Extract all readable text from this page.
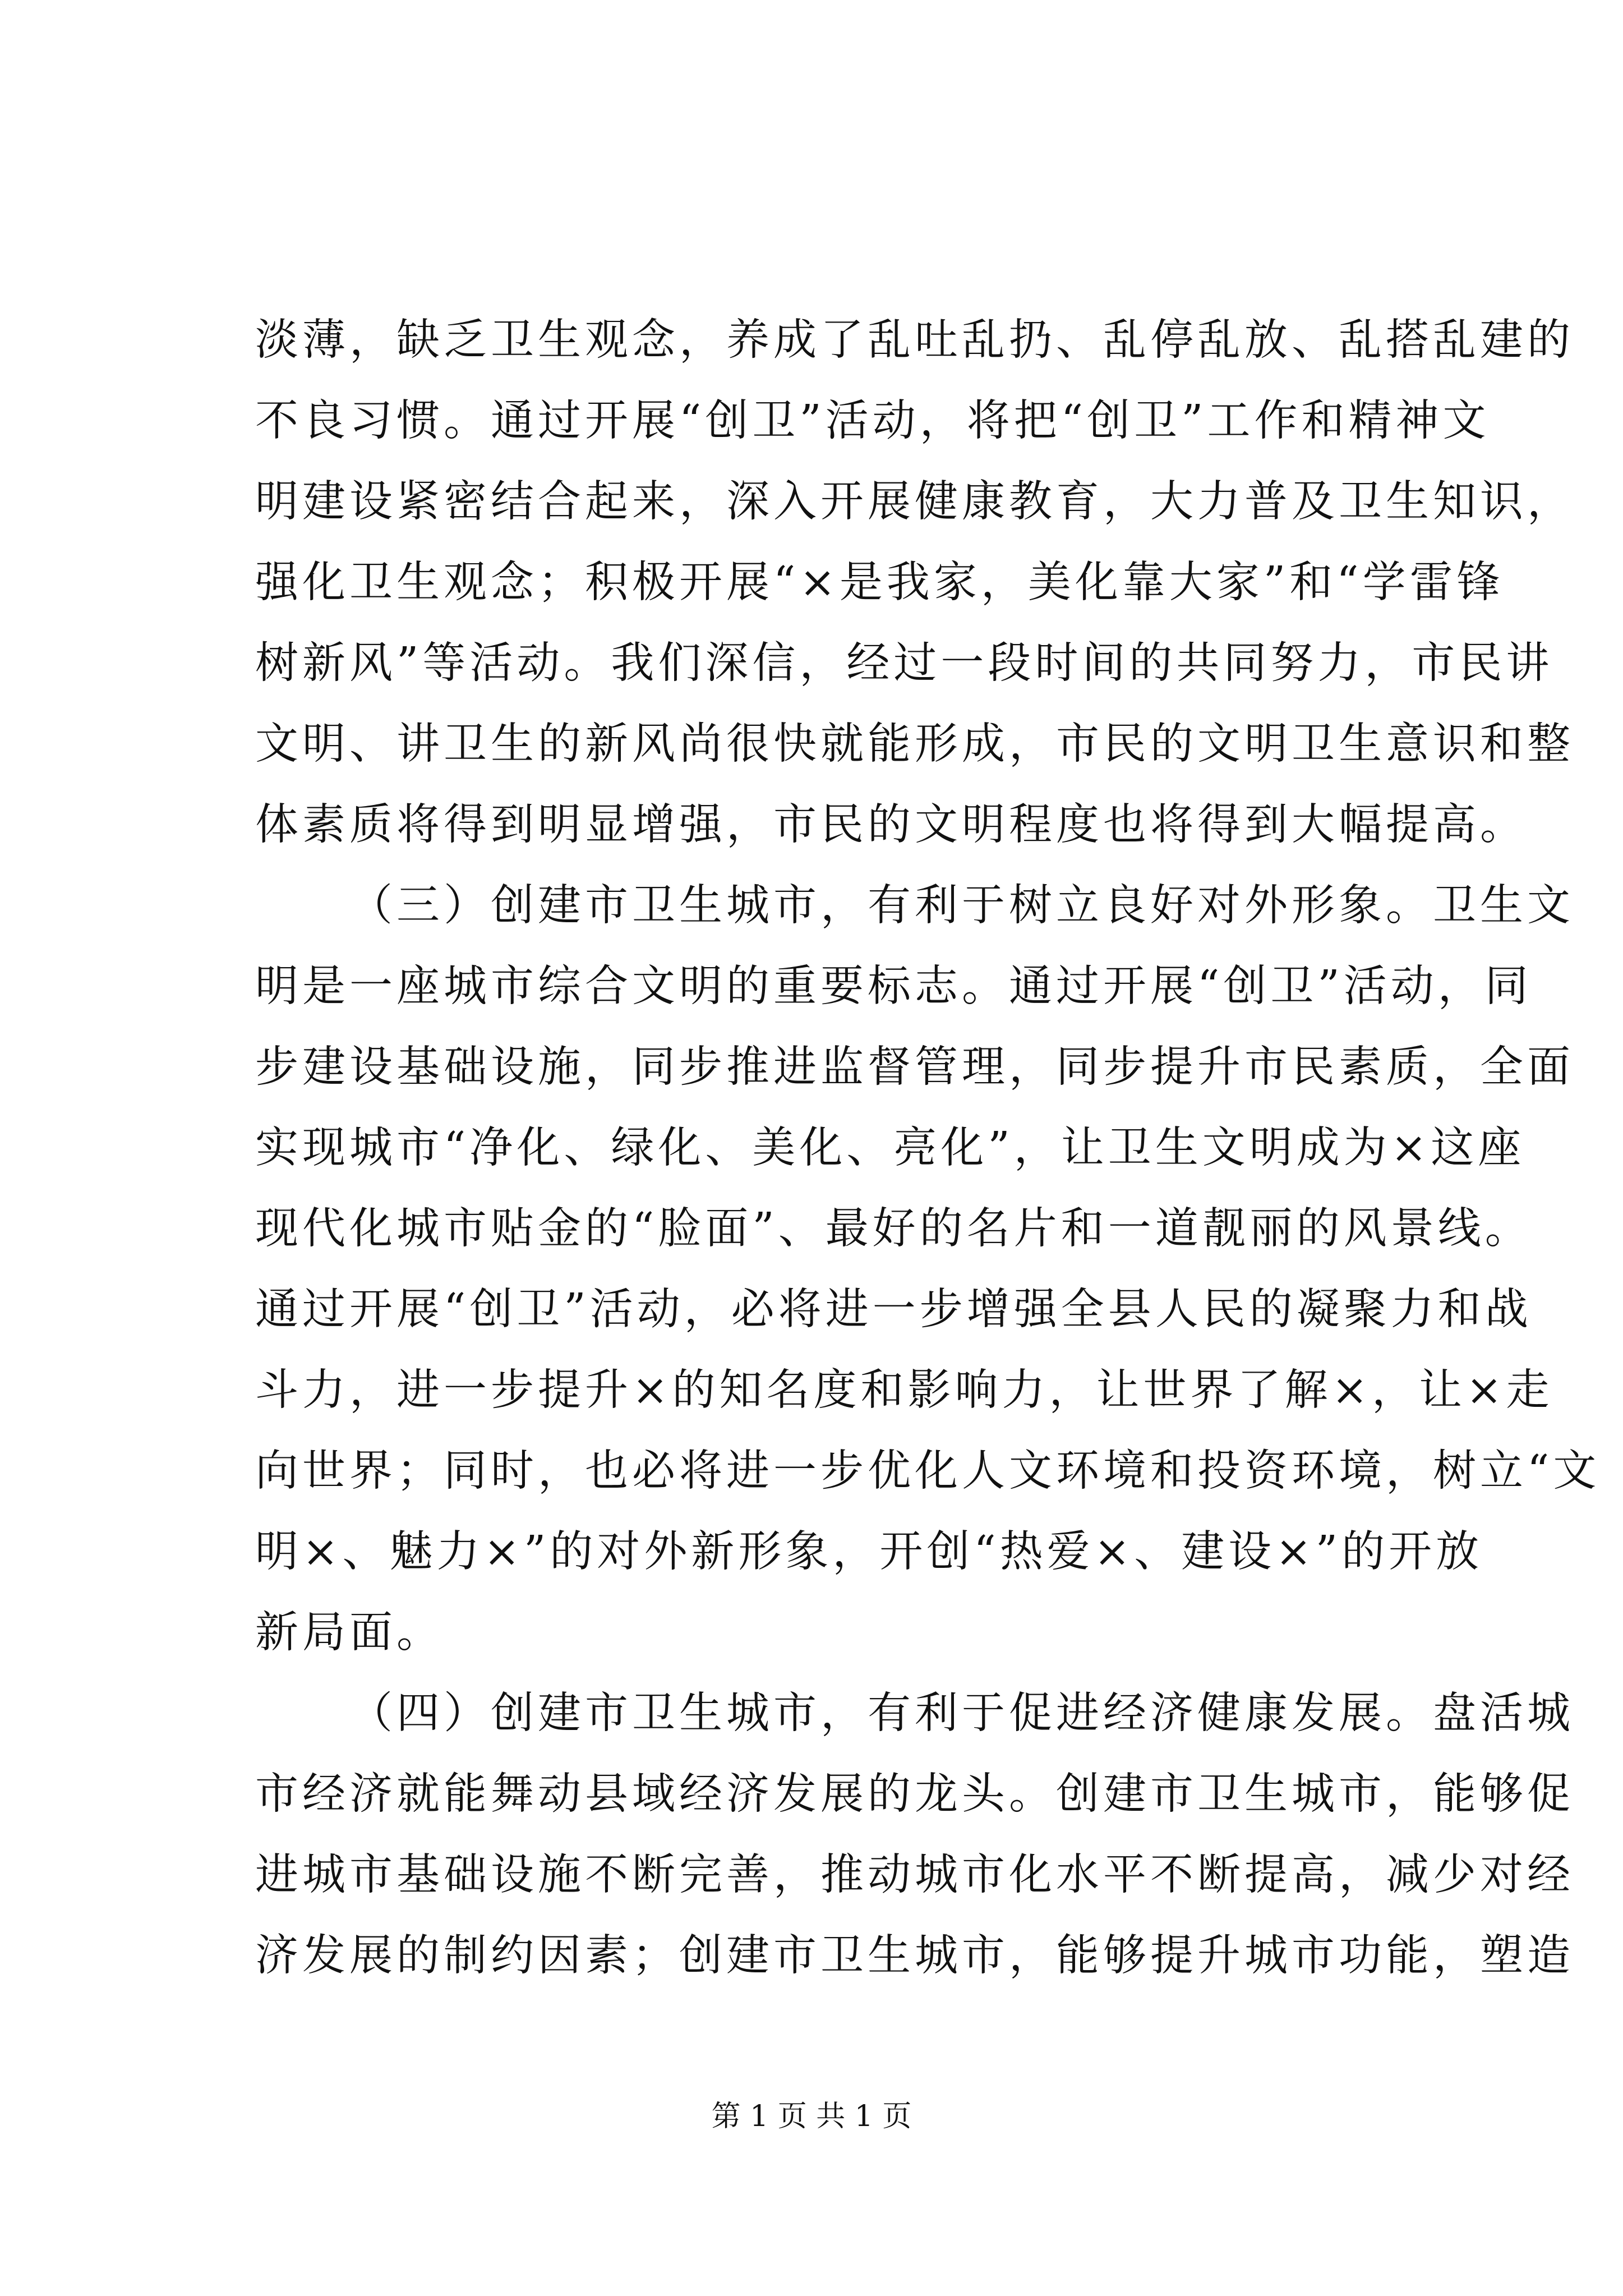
淡薄，缺乏卫生观念，养成了乱吐乱扔、乱停乱放、乱搭乱建的
不良习惯。通过开展“创卫”活动，将把“创卫”工作和精神文
明建设紧密结合起来，深入开展健康教育，大力普及卫生知识，
强化卫生观念；积极开展“×是我家，美化靠大家”和“学雷锋
树新风”等活动。我们深信，经过一段时间的共同努力，市民讲
文明、讲卫生的新风尚很快就能形成，市民的文明卫生意识和整
体素质将得到明显增强，市民的文明程度也将得到大幅提高。
（三）创建市卫生城市，有利于树立良好对外形象。卫生文
明是一座城市综合文明的重要标志。通过开展“创卫”活动，同
步建设基础设施，同步推进监督管理，同步提升市民素质，全面
实现城市“净化、绿化、美化、亮化”，让卫生文明成为×这座
现代化城市贴金的“脸面”、最好的名片和一道靓丽的风景线。
通过开展“创卫”活动，必将进一步增强全县人民的凝聚力和战
斗力，进一步提升×的知名度和影响力，让世界了解×，让×走
向世界；同时，也必将进一步优化人文环境和投资环境，树立“文
明×、魅力×”的对外新形象，开创“热爱×、建设×”的开放
新局面。
（四）创建市卫生城市，有利于促进经济健康发展。盘活城
市经济就能舞动县域经济发展的龙头。创建市卫生城市，能够促
进城市基础设施不断完善，推动城市化水平不断提高，减少对经
济发展的制约因素；创建市卫生城市，能够提升城市功能，塑造
第 1 页 共 1 页
